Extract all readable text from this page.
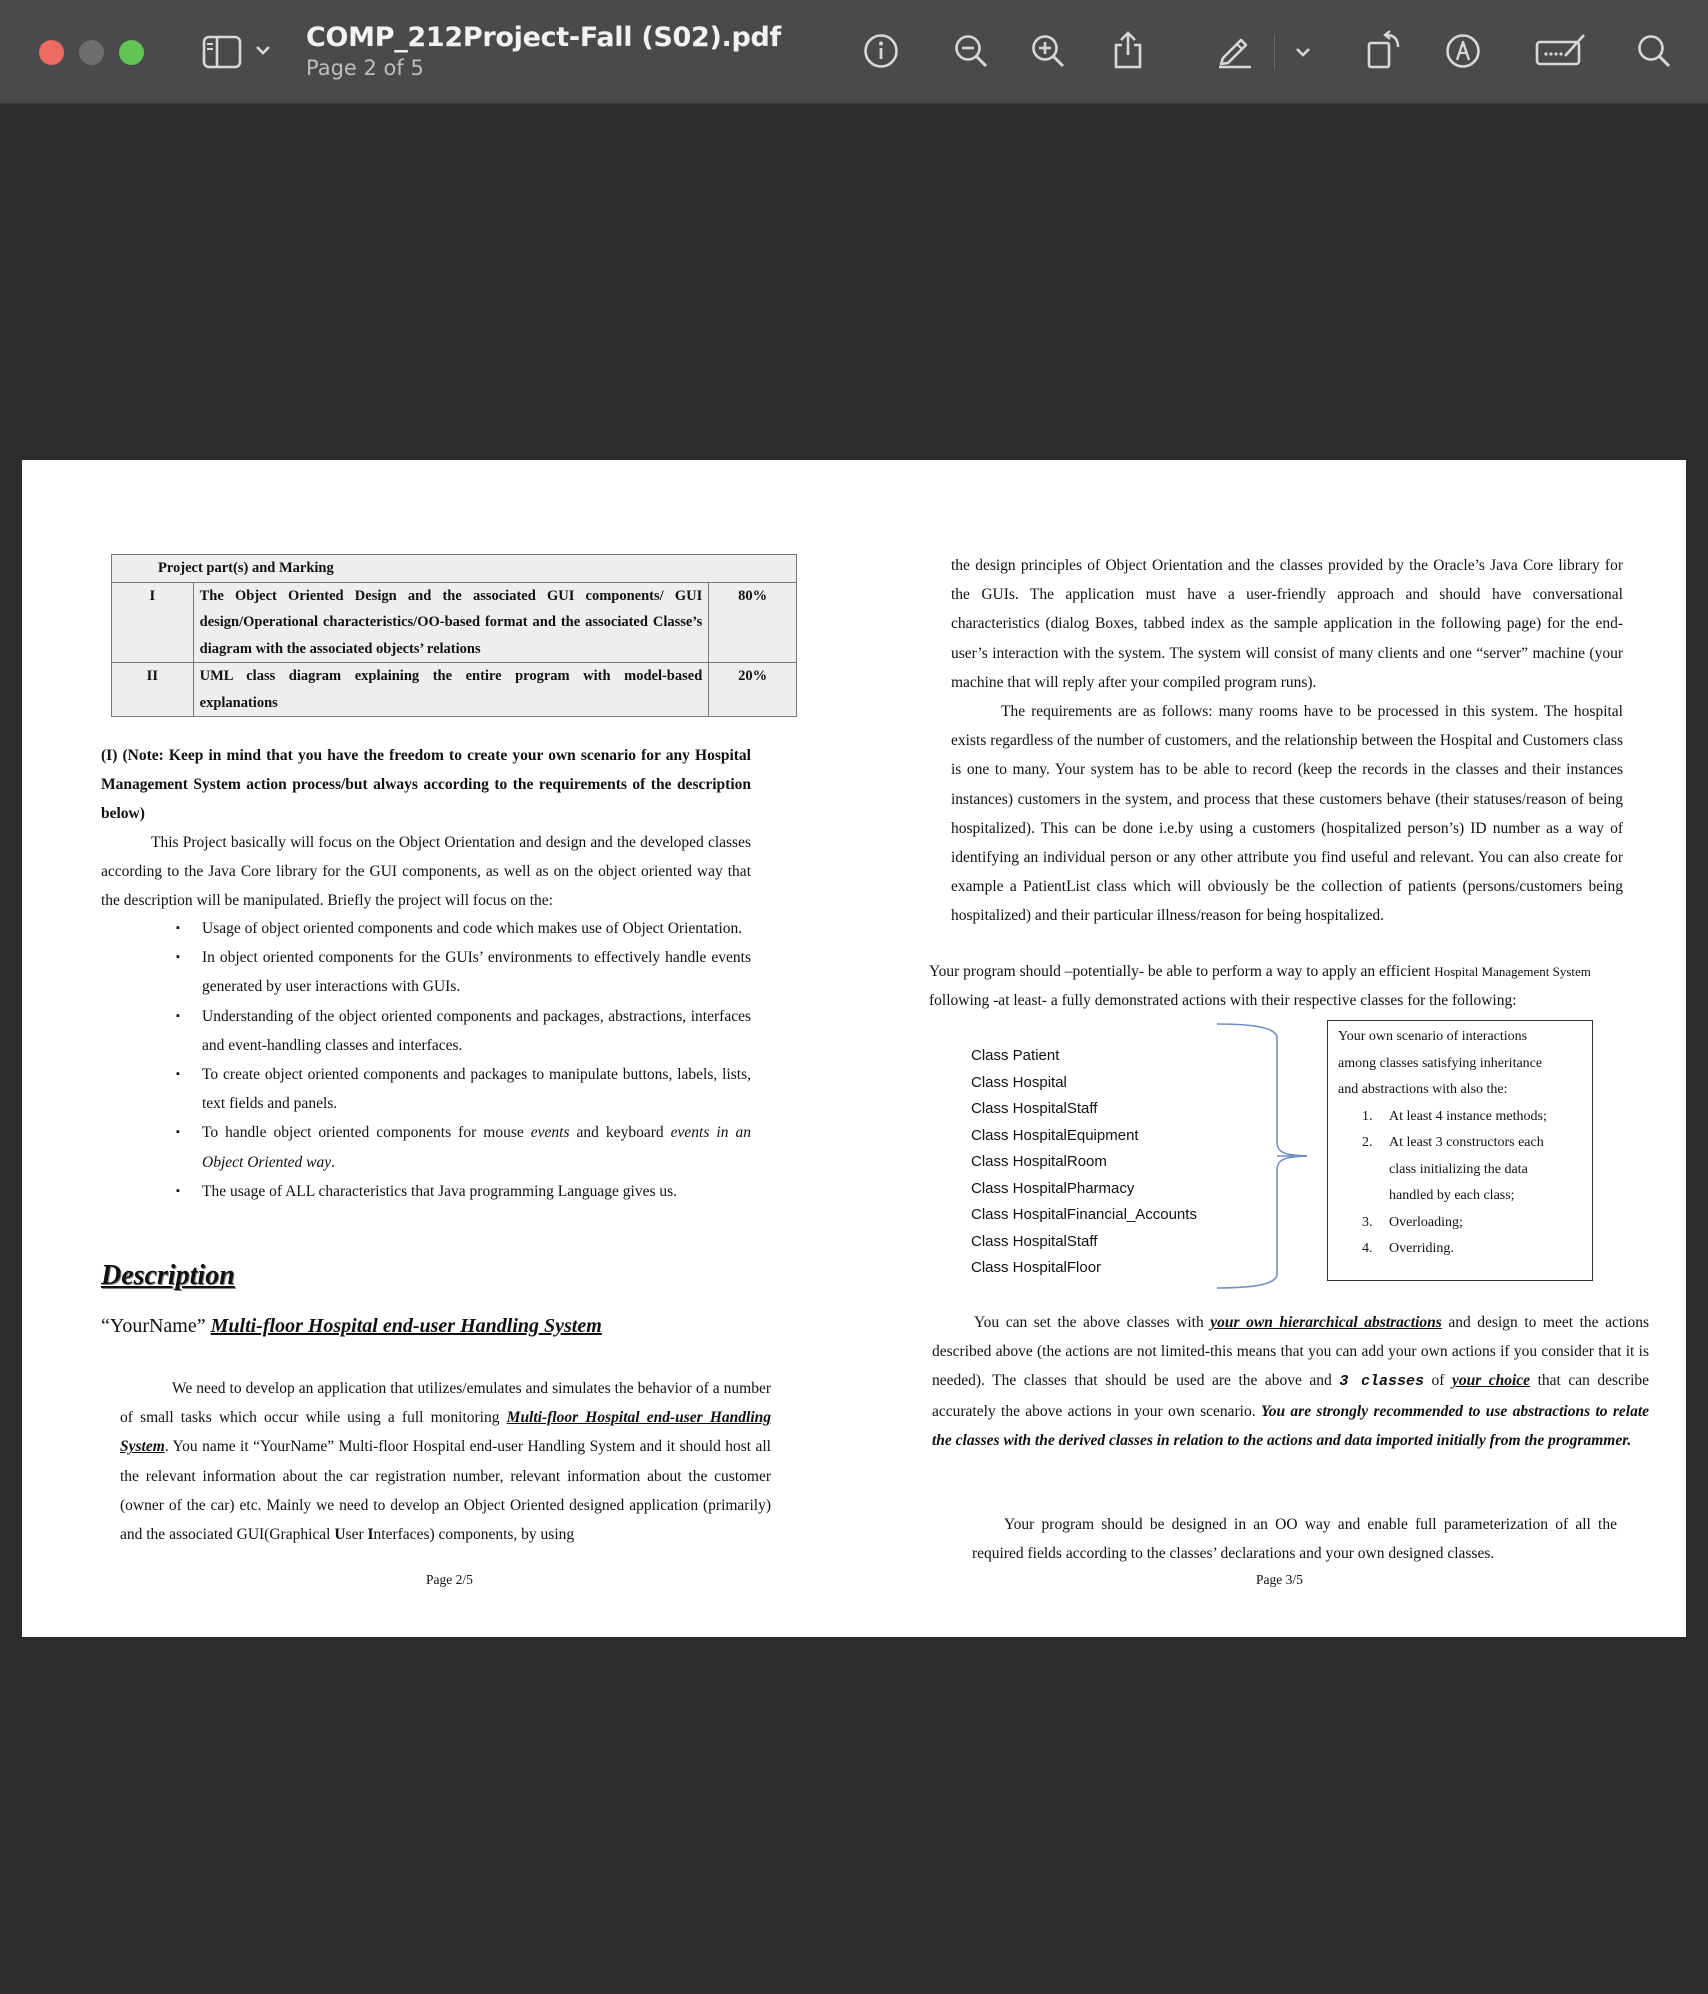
COMP_212Project-Fall (S02).pdf
Page 2 of 5
Project part(s) and Marking		
I	The Object Oriented Design and the associated GUI components/ GUI design/Operational characteristics/OO-based format and the associated Classe’s diagram with the associated objects’ relations	80%
II	UML class diagram explaining the entire program with model-based explanations	20%

(I) (Note: Keep in mind that you have the freedom to create your own scenario for any Hospital Management System action process/but always according to the requirements of the description below)

This Project basically will focus on the Object Orientation and design and the developed classes according to the Java Core library for the GUI components, as well as on the object oriented way that the description will be manipulated. Briefly the project will focus on the:

▪ Usage of object oriented components and code which makes use of Object Orientation.
▪ In object oriented components for the GUIs’ environments to effectively handle events generated by user interactions with GUIs.
▪ Understanding of the object oriented components and packages, abstractions, interfaces and event-handling classes and interfaces.
▪ To create object oriented components and packages to manipulate buttons, labels, lists, text fields and panels.
▪ To handle object oriented components for mouse events and keyboard events in an Object Oriented way.
▪ The usage of ALL characteristics that Java programming Language gives us.
Description
“YourName” Multi-floor Hospital end-user Handling System

We need to develop an application that utilizes/emulates and simulates the behavior of a number of small tasks which occur while using a full monitoring Multi-floor Hospital end-user Handling System. You name it “YourName” Multi-floor Hospital end-user Handling System and it should host all the relevant information about the car registration number, relevant information about the customer (owner of the car) etc. Mainly we need to develop an Object Oriented designed application (primarily) and the associated GUI(Graphical User Interfaces) components, by using

Page 2/5

the design principles of Object Orientation and the classes provided by the Oracle’s Java Core library for the GUIs. The application must have a user-friendly approach and should have conversational characteristics (dialog Boxes, tabbed index as the sample application in the following page) for the end-user’s interaction with the system. The system will consist of many clients and one “server” machine (your machine that will reply after your compiled program runs).

The requirements are as follows: many rooms have to be processed in this system. The hospital exists regardless of the number of customers, and the relationship between the Hospital and Customers class is one to many. Your system has to be able to record (keep the records in the classes and their instances instances) customers in the system, and process that these customers behave (their statuses/reason of being hospitalized). This can be done i.e.by using a customers (hospitalized person’s) ID number as a way of identifying an individual person or any other attribute you find useful and relevant. You can also create for example a PatientList class which will obviously be the collection of patients (persons/customers being hospitalized) and their particular illness/reason for being hospitalized.

Your program should –potentially- be able to perform a way to apply an efficient Hospital Management System following -at least- a fully demonstrated actions with their respective classes for the following:

Class Patient
Class Hospital
Class HospitalStaff
Class HospitalEquipment
Class HospitalRoom
Class HospitalPharmacy
Class HospitalFinancial_Accounts
Class HospitalStaff
Class HospitalFloor
Your own scenario of interactions
among classes satisfying inheritance
and abstractions with also the:
1. At least 4 instance methods;
2. At least 3 constructors each
class initializing the data
handled by each class;
3. Overloading;
4. Overriding.

You can set the above classes with your own hierarchical abstractions and design to meet the actions described above (the actions are not limited-this means that you can add your own actions if you consider that it is needed). The classes that should be used are the above and 3 classes of your choice that can describe accurately the above actions in your own scenario. You are strongly recommended to use abstractions to relate the classes with the derived classes in relation to the actions and data imported initially from the programmer.

Your program should be designed in an OO way and enable full parameterization of all the required fields according to the classes’ declarations and your own designed classes.

Page 3/5
